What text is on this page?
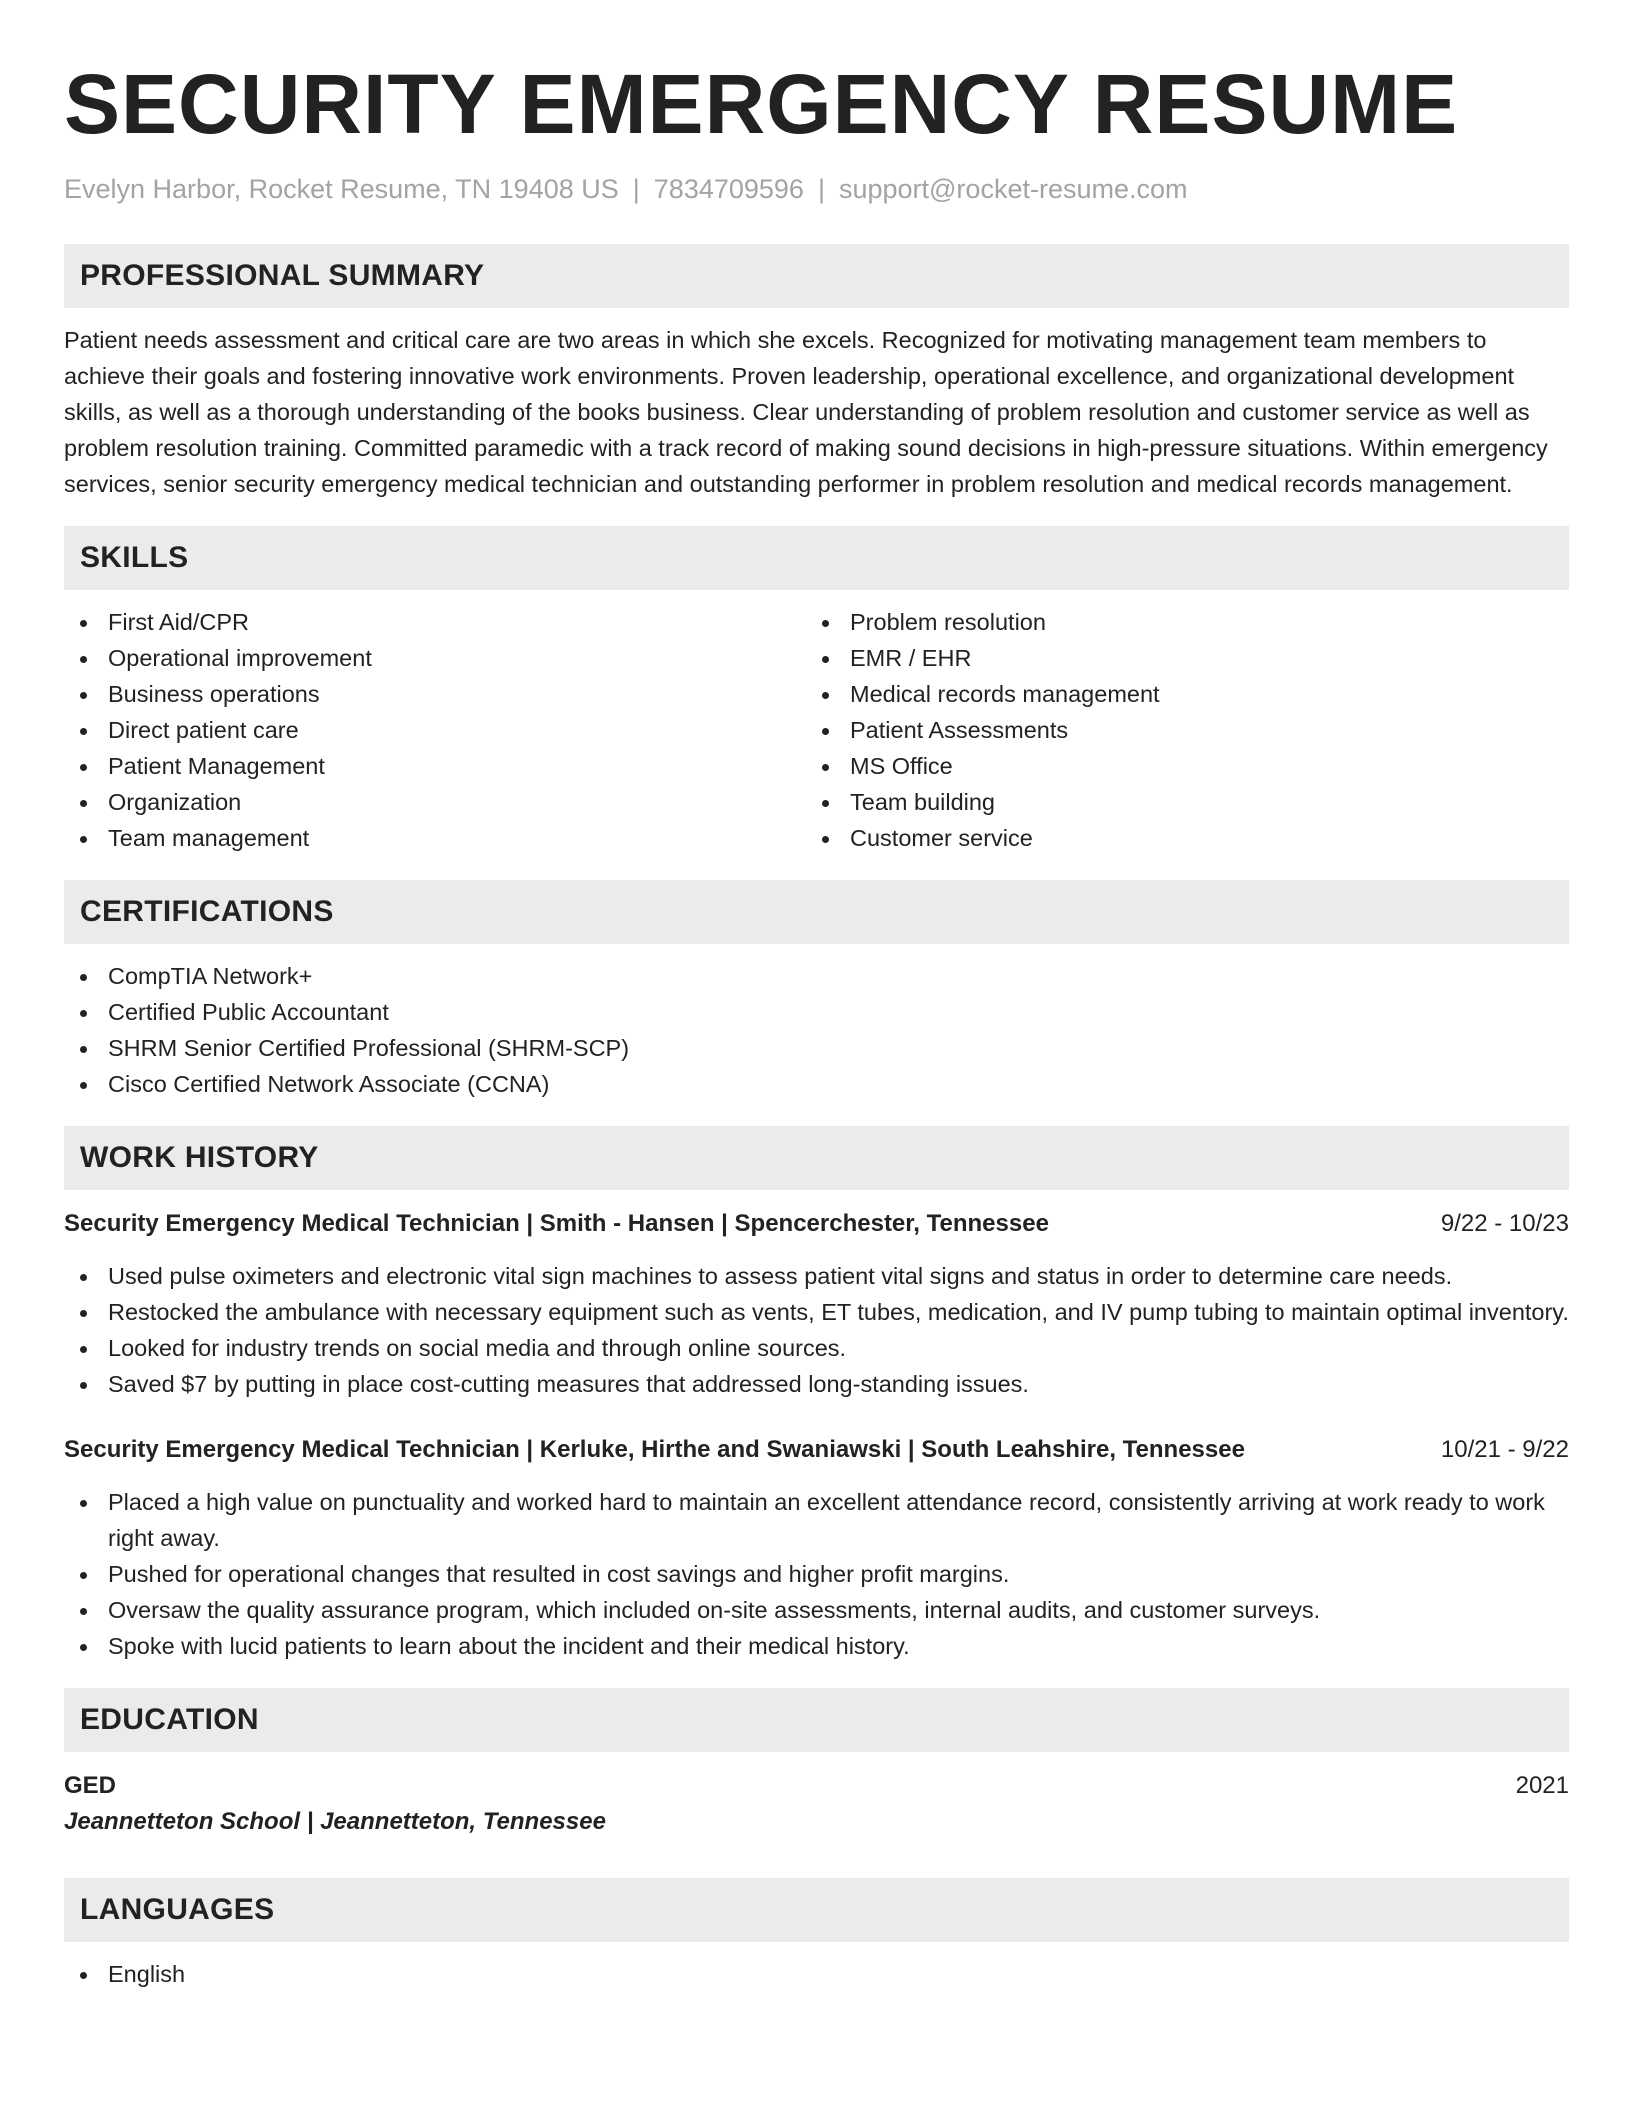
SECURITY EMERGENCY RESUME
Evelyn Harbor, Rocket Resume, TN 19408 US | 7834709596 | support@rocket-resume.com
PROFESSIONAL SUMMARY

Patient needs assessment and critical care are two areas in which she excels. Recognized for motivating management team members to achieve their goals and fostering innovative work environments. Proven leadership, operational excellence, and organizational development skills, as well as a thorough understanding of the books business. Clear understanding of problem resolution and customer service as well as problem resolution training. Committed paramedic with a track record of making sound decisions in high-pressure situations. Within emergency services, senior security emergency medical technician and outstanding performer in problem resolution and medical records management.

SKILLS
First Aid/CPR
Operational improvement
Business operations
Direct patient care
Patient Management
Organization
Team management
Problem resolution
EMR / EHR
Medical records management
Patient Assessments
MS Office
Team building
Customer service
CERTIFICATIONS
CompTIA Network+
Certified Public Accountant
SHRM Senior Certified Professional (SHRM-SCP)
Cisco Certified Network Associate (CCNA)
WORK HISTORY
Security Emergency Medical Technician | Smith - Hansen | Spencerchester, Tennessee	9/22 - 10/23
Used pulse oximeters and electronic vital sign machines to assess patient vital signs and status in order to determine care needs.
Restocked the ambulance with necessary equipment such as vents, ET tubes, medication, and IV pump tubing to maintain optimal inventory.
Looked for industry trends on social media and through online sources.
Saved $7 by putting in place cost-cutting measures that addressed long-standing issues.
Security Emergency Medical Technician | Kerluke, Hirthe and Swaniawski | South Leahshire, Tennessee	10/21 - 9/22
Placed a high value on punctuality and worked hard to maintain an excellent attendance record, consistently arriving at work ready to work right away.
Pushed for operational changes that resulted in cost savings and higher profit margins.
Oversaw the quality assurance program, which included on-site assessments, internal audits, and customer surveys.
Spoke with lucid patients to learn about the incident and their medical history.
EDUCATION
GED	2021
Jeannetteton School | Jeannetteton, Tennessee
LANGUAGES
English
